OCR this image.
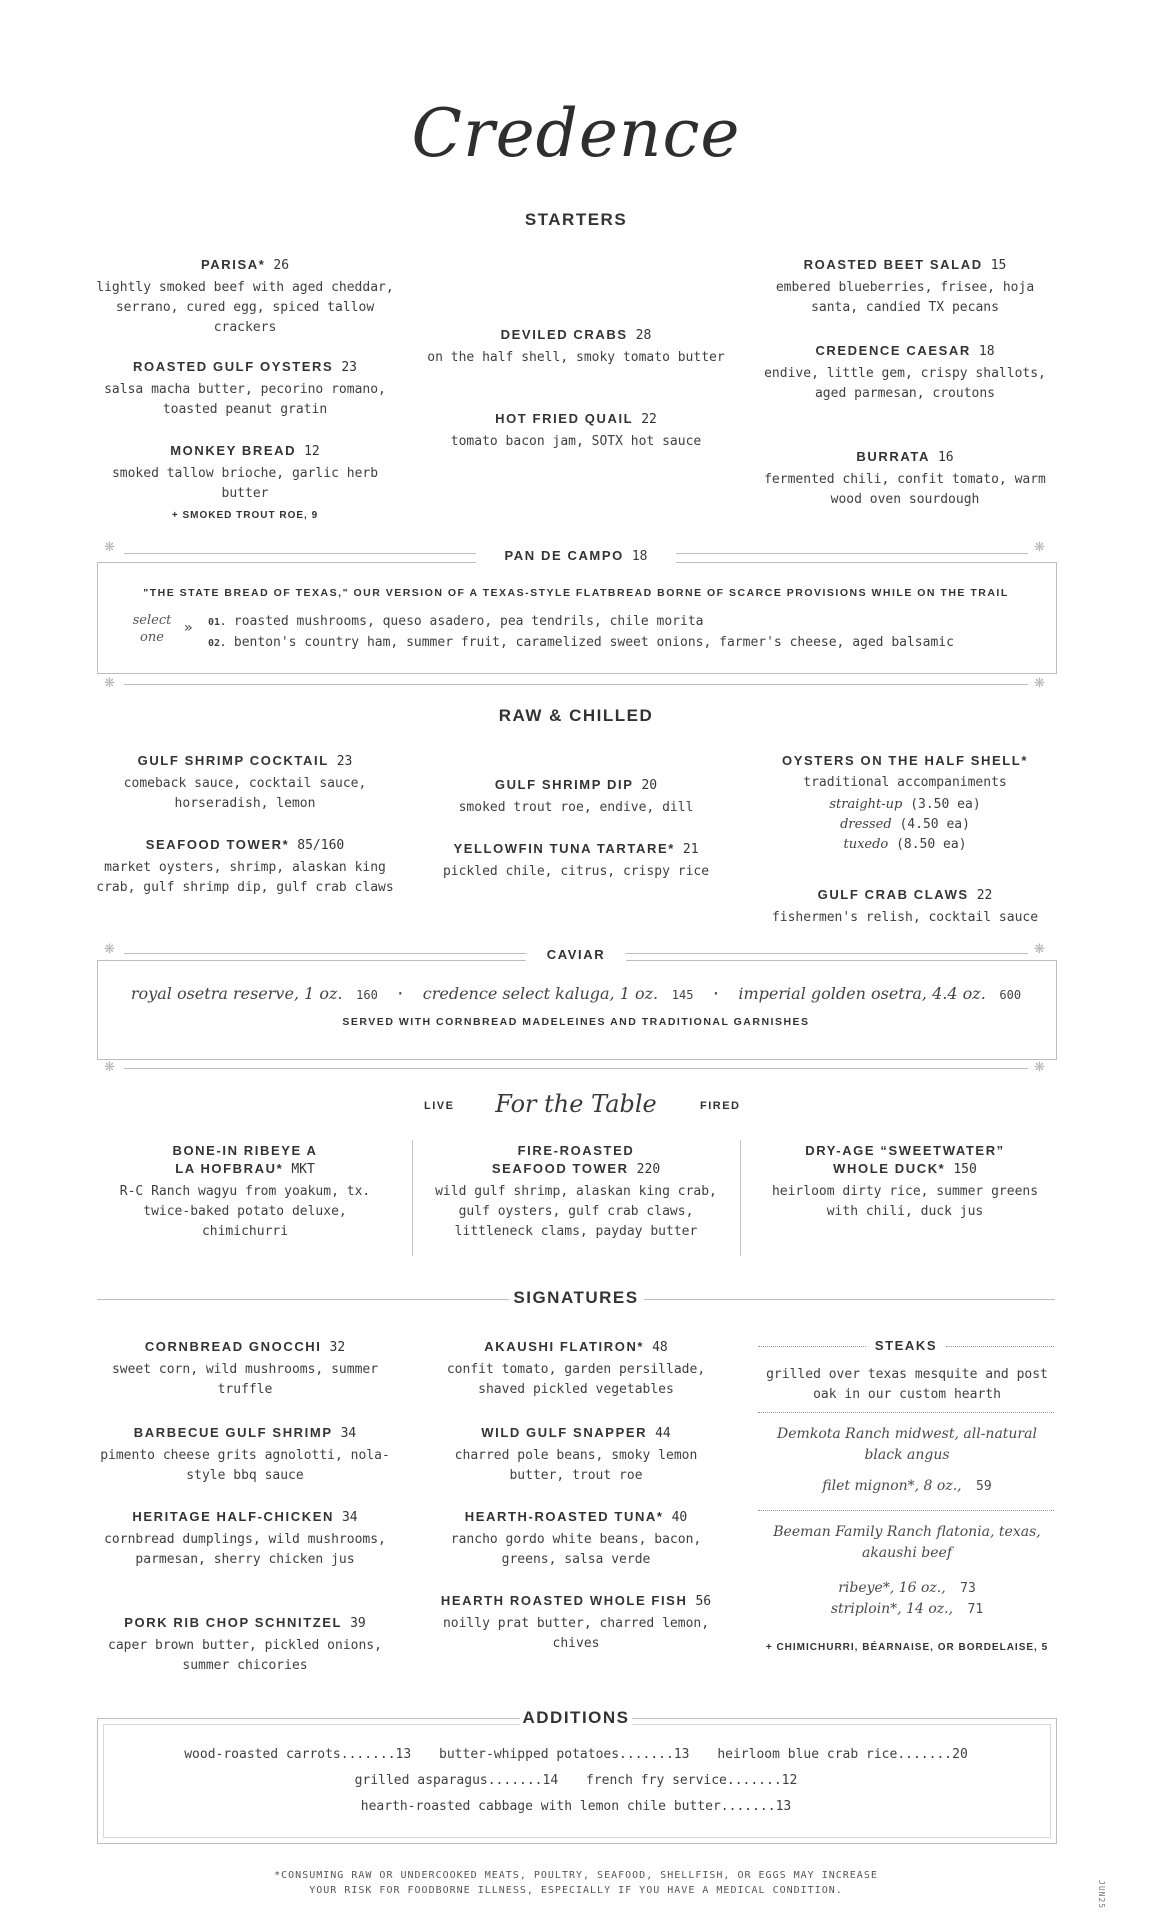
Credence
STARTERS
PARISA* 26
lightly smoked beef with aged cheddar, serrano, cured egg, spiced tallow crackers
ROASTED GULF OYSTERS 23
salsa macha butter, pecorino romano, toasted peanut gratin
MONKEY BREAD 12
smoked tallow brioche, garlic herb butter
+ SMOKED TROUT ROE, 9
DEVILED CRABS 28
on the half shell, smoky tomato butter
HOT FRIED QUAIL 22
tomato bacon jam, SOTX hot sauce
ROASTED BEET SALAD 15
embered blueberries, frisee, hoja santa, candied TX pecans
CREDENCE CAESAR 18
endive, little gem, crispy shallots, aged parmesan, croutons
BURRATA 16
fermented chili, confit tomato, warm wood oven sourdough
❋	❋
❋	❋
PAN DE CAMPO 18
"THE STATE BREAD OF TEXAS," OUR VERSION OF A TEXAS-STYLE FLATBREAD BORNE OF SCARCE PROVISIONS WHILE ON THE TRAIL
select one
» 01. roasted mushrooms, queso asadero, pea tendrils, chile morita
02. benton's country ham, summer fruit, caramelized sweet onions, farmer's cheese, aged balsamic
RAW & CHILLED
GULF SHRIMP COCKTAIL 23
comeback sauce, cocktail sauce, horseradish, lemon
SEAFOOD TOWER* 85/160
market oysters, shrimp, alaskan king crab, gulf shrimp dip, gulf crab claws
GULF SHRIMP DIP 20
smoked trout roe, endive, dill
YELLOWFIN TUNA TARTARE* 21
pickled chile, citrus, crispy rice
OYSTERS ON THE HALF SHELL*
traditional accompaniments
straight-up (3.50 ea)
dressed (4.50 ea)
tuxedo (8.50 ea)
GULF CRAB CLAWS 22
fishermen's relish, cocktail sauce
❋	❋
❋	❋
CAVIAR
royal osetra reserve, 1 oz. 160 · credence select kaluga, 1 oz. 145 · imperial golden osetra, 4.4 oz. 600
SERVED WITH CORNBREAD MADELEINES AND TRADITIONAL GARNISHES
LIVE	For the Table	FIRED
BONE-IN RIBEYE A LA HOFBRAU* MKT
R-C Ranch wagyu from yoakum, tx. twice-baked potato deluxe, chimichurri
FIRE-ROASTED SEAFOOD TOWER 220
wild gulf shrimp, alaskan king crab, gulf oysters, gulf crab claws, littleneck clams, payday butter
DRY-AGE “SWEETWATER” WHOLE DUCK* 150
heirloom dirty rice, summer greens with chili, duck jus
SIGNATURES
CORNBREAD GNOCCHI 32
sweet corn, wild mushrooms, summer truffle
BARBECUE GULF SHRIMP 34
pimento cheese grits agnolotti, nola-style bbq sauce
HERITAGE HALF-CHICKEN 34
cornbread dumplings, wild mushrooms, parmesan, sherry chicken jus
PORK RIB CHOP SCHNITZEL 39
caper brown butter, pickled onions, summer chicories
AKAUSHI FLATIRON* 48
confit tomato, garden persillade, shaved pickled vegetables
WILD GULF SNAPPER 44
charred pole beans, smoky lemon butter, trout roe
HEARTH-ROASTED TUNA* 40
rancho gordo white beans, bacon, greens, salsa verde
HEARTH ROASTED WHOLE FISH 56
noilly prat butter, charred lemon, chives
STEAKS
grilled over texas mesquite and post oak in our custom hearth
Demkota Ranch midwest, all-natural black angus
filet mignon*, 8 oz., 59
Beeman Family Ranch flatonia, texas, akaushi beef
ribeye*, 16 oz., 73
striploin*, 14 oz., 71
+ CHIMICHURRI, BÉARNAISE, OR BORDELAISE, 5
ADDITIONS
wood-roasted carrots.......13 butter-whipped potatoes.......13 heirloom blue crab rice.......20
grilled asparagus.......14 french fry service.......12
hearth-roasted cabbage with lemon chile butter.......13
*CONSUMING RAW OR UNDERCOOKED MEATS, POULTRY, SEAFOOD, SHELLFISH, OR EGGS MAY INCREASE
YOUR RISK FOR FOODBORNE ILLNESS, ESPECIALLY IF YOU HAVE A MEDICAL CONDITION.	JUN25
